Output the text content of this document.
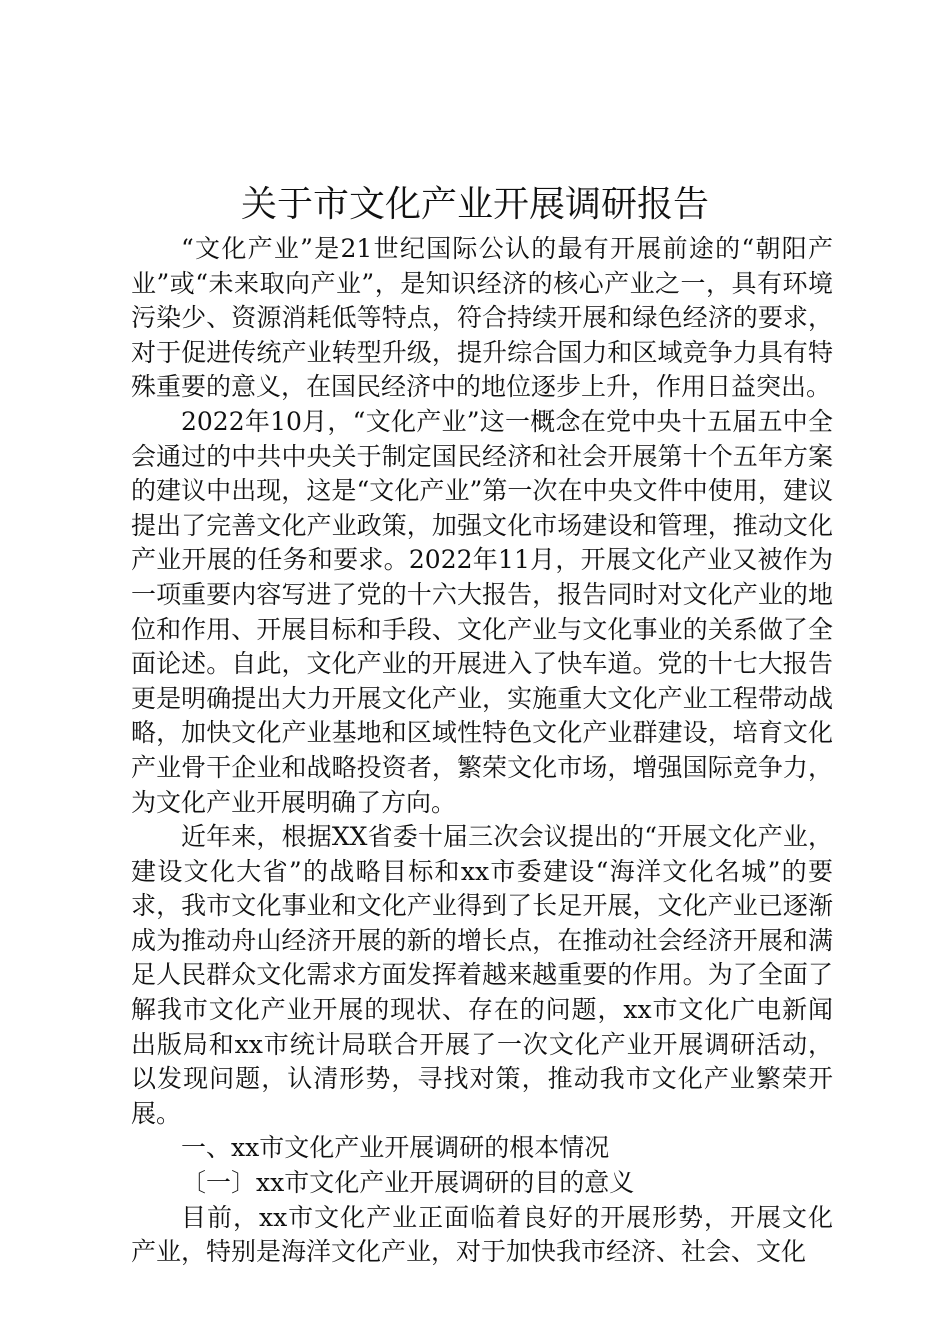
关于市文化产业开展调研报告

“文化产业”是21世纪国际公认的最有开展前途的“朝阳产业”或“未来取向产业”，是知识经济的核心产业之一，具有环境污染少、资源消耗低等特点，符合持续开展和绿色经济的要求，对于促进传统产业转型升级，提升综合国力和区域竞争力具有特殊重要的意义，在国民经济中的地位逐步上升，作用日益突出。

2022年10月，“文化产业”这一概念在党中央十五届五中全会通过的中共中央关于制定国民经济和社会开展第十个五年方案的建议中出现，这是“文化产业”第一次在中央文件中使用，建议提出了完善文化产业政策，加强文化市场建设和管理，推动文化产业开展的任务和要求。2022年11月，开展文化产业又被作为一项重要内容写进了党的十六大报告，报告同时对文化产业的地位和作用、开展目标和手段、文化产业与文化事业的关系做了全面论述。自此，文化产业的开展进入了快车道。党的十七大报告更是明确提出大力开展文化产业，实施重大文化产业工程带动战略，加快文化产业基地和区域性特色文化产业群建设，培育文化产业骨干企业和战略投资者，繁荣文化市场，增强国际竞争力，为文化产业开展明确了方向。

近年来，根据XX省委十届三次会议提出的“开展文化产业，建设文化大省”的战略目标和xx市委建设“海洋文化名城”的要求，我市文化事业和文化产业得到了长足开展，文化产业已逐渐成为推动舟山经济开展的新的增长点，在推动社会经济开展和满足人民群众文化需求方面发挥着越来越重要的作用。为了全面了解我市文化产业开展的现状、存在的问题，xx市文化广电新闻出版局和xx市统计局联合开展了一次文化产业开展调研活动，以发现问题，认清形势，寻找对策，推动我市文化产业繁荣开展。

一、xx市文化产业开展调研的根本情况

〔一〕xx市文化产业开展调研的目的意义

目前，xx市文化产业正面临着良好的开展形势，开展文化产业，特别是海洋文化产业，对于加快我市经济、社会、文化
